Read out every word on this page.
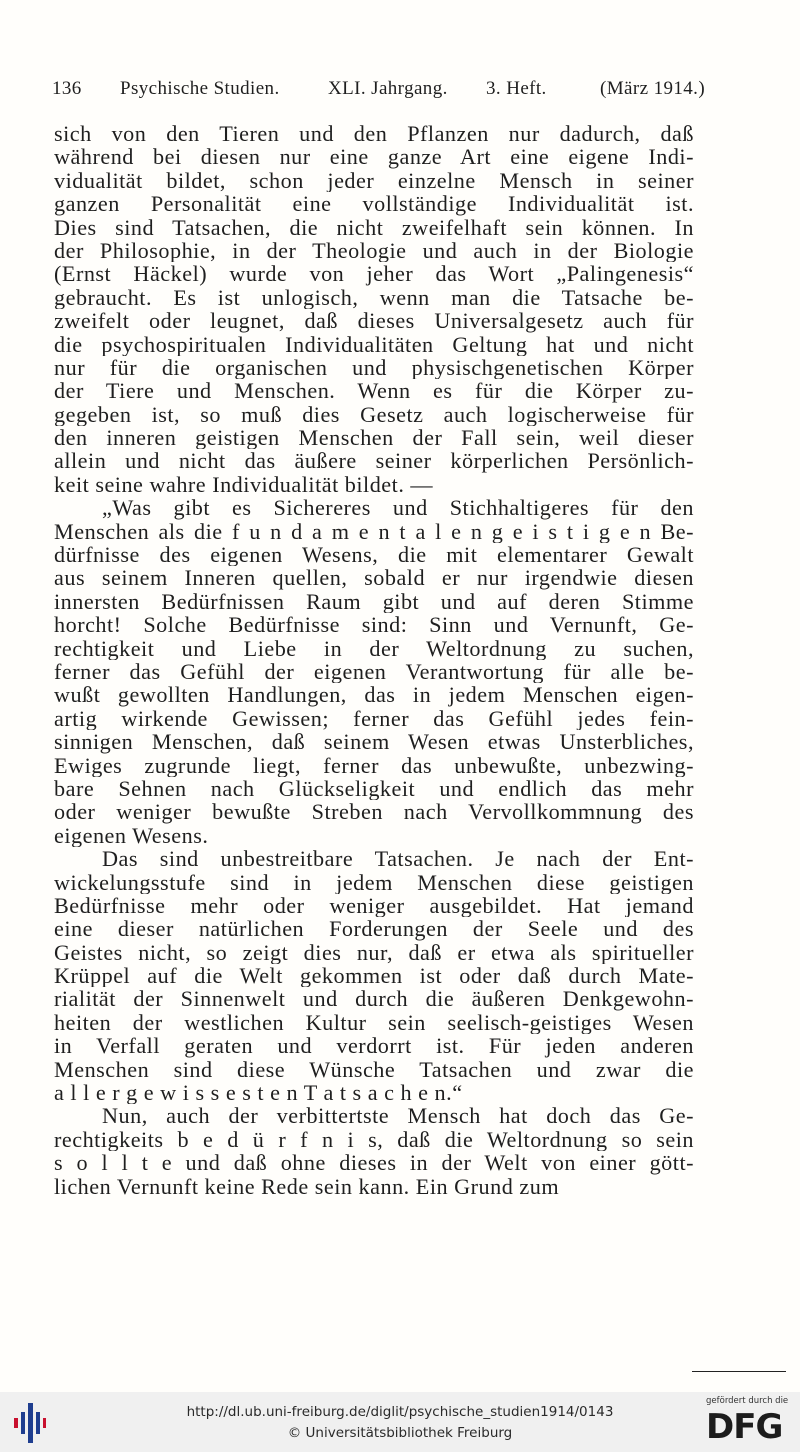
136 Psychische Studien.	XLI. Jahrgang. 3. Heft.	(März 1914.)
sich von den Tieren und den Pflanzen nur dadurch, daß
während bei diesen nur eine ganze Art eine eigene Indi-
vidualität bildet, schon jeder einzelne Mensch in seiner
ganzen Personalität eine vollständige Individualität ist.
Dies sind Tatsachen, die nicht zweifelhaft sein können. In
der Philosophie, in der Theologie und auch in der Biologie
(Ernst Häckel) wurde von jeher das Wort „Palingenesis“
gebraucht. Es ist unlogisch, wenn man die Tatsache be-
zweifelt oder leugnet, daß dieses Universalgesetz auch für
die psychospiritualen Individualitäten Geltung hat und nicht
nur für die organischen und physischgenetischen Körper
der Tiere und Menschen. Wenn es für die Körper zu-
gegeben ist, so muß dies Gesetz auch logischerweise für
den inneren geistigen Menschen der Fall sein, weil dieser
allein und nicht das äußere seiner körperlichen Persönlich-
keit seine wahre Individualität bildet. —
„Was gibt es Sichereres und Stichhaltigeres für den
Menschen als die f u n d a m e n t a l e n g e i s t i g e n Be-
dürfnisse des eigenen Wesens, die mit elementarer Gewalt
aus seinem Inneren quellen, sobald er nur irgendwie diesen
innersten Bedürfnissen Raum gibt und auf deren Stimme
horcht! Solche Bedürfnisse sind: Sinn und Vernunft, Ge-
rechtigkeit und Liebe in der Weltordnung zu suchen,
ferner das Gefühl der eigenen Verantwortung für alle be-
wußt gewollten Handlungen, das in jedem Menschen eigen-
artig wirkende Gewissen; ferner das Gefühl jedes fein-
sinnigen Menschen, daß seinem Wesen etwas Unsterbliches,
Ewiges zugrunde liegt, ferner das unbewußte, unbezwing-
bare Sehnen nach Glückseligkeit und endlich das mehr
oder weniger bewußte Streben nach Vervollkommnung des
eigenen Wesens.
Das sind unbestreitbare Tatsachen. Je nach der Ent-
wickelungsstufe sind in jedem Menschen diese geistigen
Bedürfnisse mehr oder weniger ausgebildet. Hat jemand
eine dieser natürlichen Forderungen der Seele und des
Geistes nicht, so zeigt dies nur, daß er etwa als spiritueller
Krüppel auf die Welt gekommen ist oder daß durch Mate-
rialität der Sinnenwelt und durch die äußeren Denkgewohn-
heiten der westlichen Kultur sein seelisch-geistiges Wesen
in Verfall geraten und verdorrt ist. Für jeden anderen
Menschen sind diese Wünsche Tatsachen und zwar die
a l l e r g e w i s s e s t e n T a t s a c h e n.“
Nun, auch der verbittertste Mensch hat doch das Ge-
rechtigkeits b e d ü r f n i s, daß die Weltordnung so sein
s o l l t e und daß ohne dieses in der Welt von einer gött-
lichen Vernunft keine Rede sein kann. Ein Grund zum
http://dl.ub.uni-freiburg.de/diglit/psychische_studien1914/0143
© Universitätsbibliothek Freiburg
gefördert durch die
DFG
